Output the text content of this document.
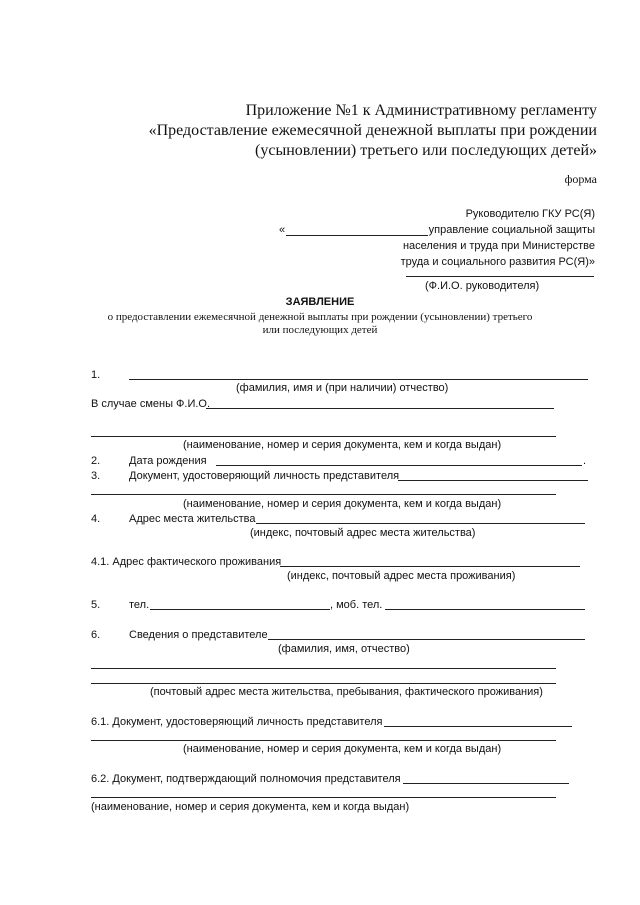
Приложение №1 к Административному регламенту
«Предоставление ежемесячной денежной выплаты при рождении
(усыновлении) третьего или последующих детей»
форма
Руководителю ГКУ РС(Я)
«	управление социальной защиты
населения и труда при Министерстве
труда и социального развития РС(Я)»
(Ф.И.О. руководителя)
ЗАЯВЛЕНИЕ
о предоставлении ежемесячной денежной выплаты при рождении (усыновлении) третьего
или последующих детей
1.
(фамилия, имя и (при наличии) отчество)
В случае смены Ф.И.О.
(наименование, номер и серия документа, кем и когда выдан)
2.	Дата рождения	.
3.	Документ, удостоверяющий личность представителя
(наименование, номер и серия документа, кем и когда выдан)
4.	Адрес места жительства
(индекс, почтовый адрес места жительства)
4.1. Адрес фактического проживания
(индекс, почтовый адрес места проживания)
5.	тел.	, моб. тел.
6.	Сведения о представителе
(фамилия, имя, отчество)
(почтовый адрес места жительства, пребывания, фактического проживания)
6.1. Документ, удостоверяющий личность представителя
(наименование, номер и серия документа, кем и когда выдан)
6.2. Документ, подтверждающий полномочия представителя
(наименование, номер и серия документа, кем и когда выдан)
